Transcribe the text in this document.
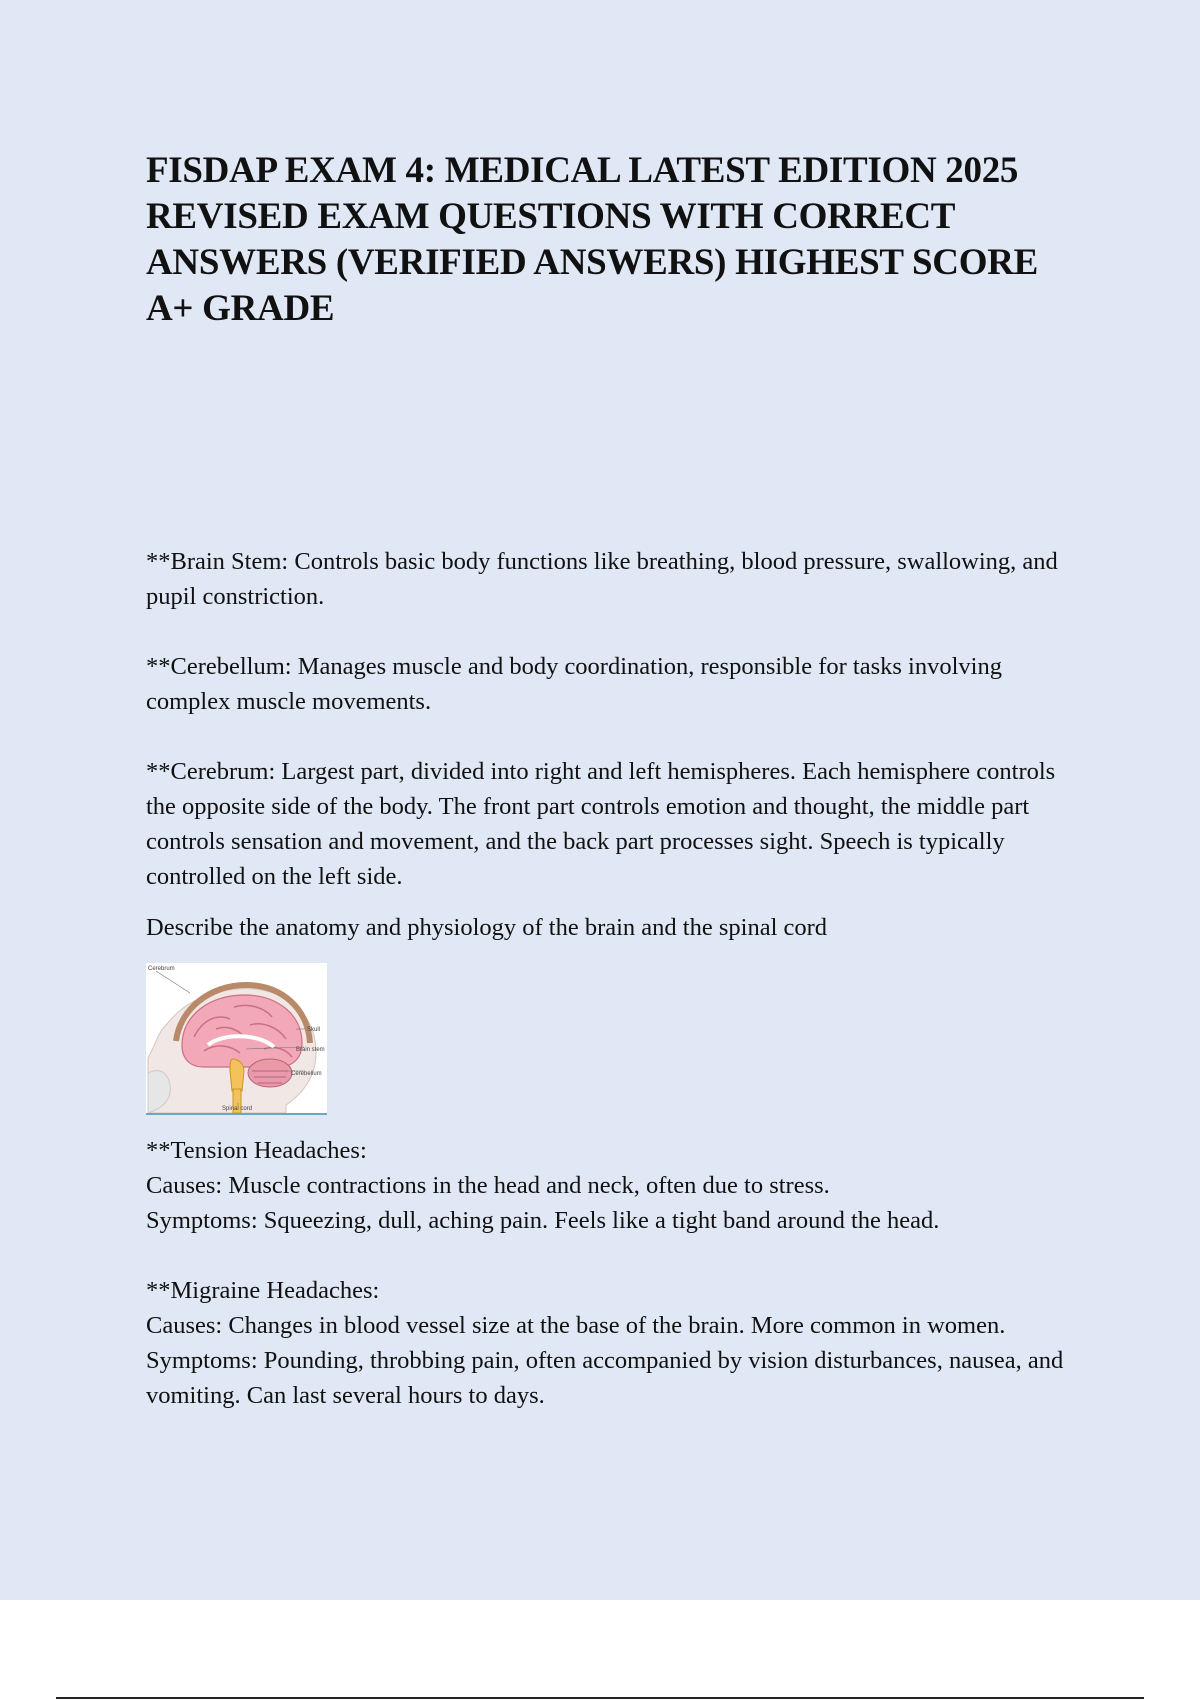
FISDAP EXAM 4: MEDICAL LATEST EDITION 2025 REVISED EXAM QUESTIONS WITH CORRECT ANSWERS (VERIFIED ANSWERS) HIGHEST SCORE A+ GRADE

**Brain Stem: Controls basic body functions like breathing, blood pressure, swallowing, and pupil constriction.

**Cerebellum: Manages muscle and body coordination, responsible for tasks involving complex muscle movements.

**Cerebrum: Largest part, divided into right and left hemispheres. Each hemisphere controls the opposite side of the body. The front part controls emotion and thought, the middle part controls sensation and movement, and the back part processes sight. Speech is typically controlled on the left side.

Describe the anatomy and physiology of the brain and the spinal cord

Cerebrum
Skull
Brain stem
Cerebellum
Spinal cord

**Tension Headaches:
Causes: Muscle contractions in the head and neck, often due to stress.
Symptoms: Squeezing, dull, aching pain. Feels like a tight band around the head.

**Migraine Headaches:
Causes: Changes in blood vessel size at the base of the brain. More common in women.
Symptoms: Pounding, throbbing pain, often accompanied by vision disturbances, nausea, and vomiting. Can last several hours to days.
